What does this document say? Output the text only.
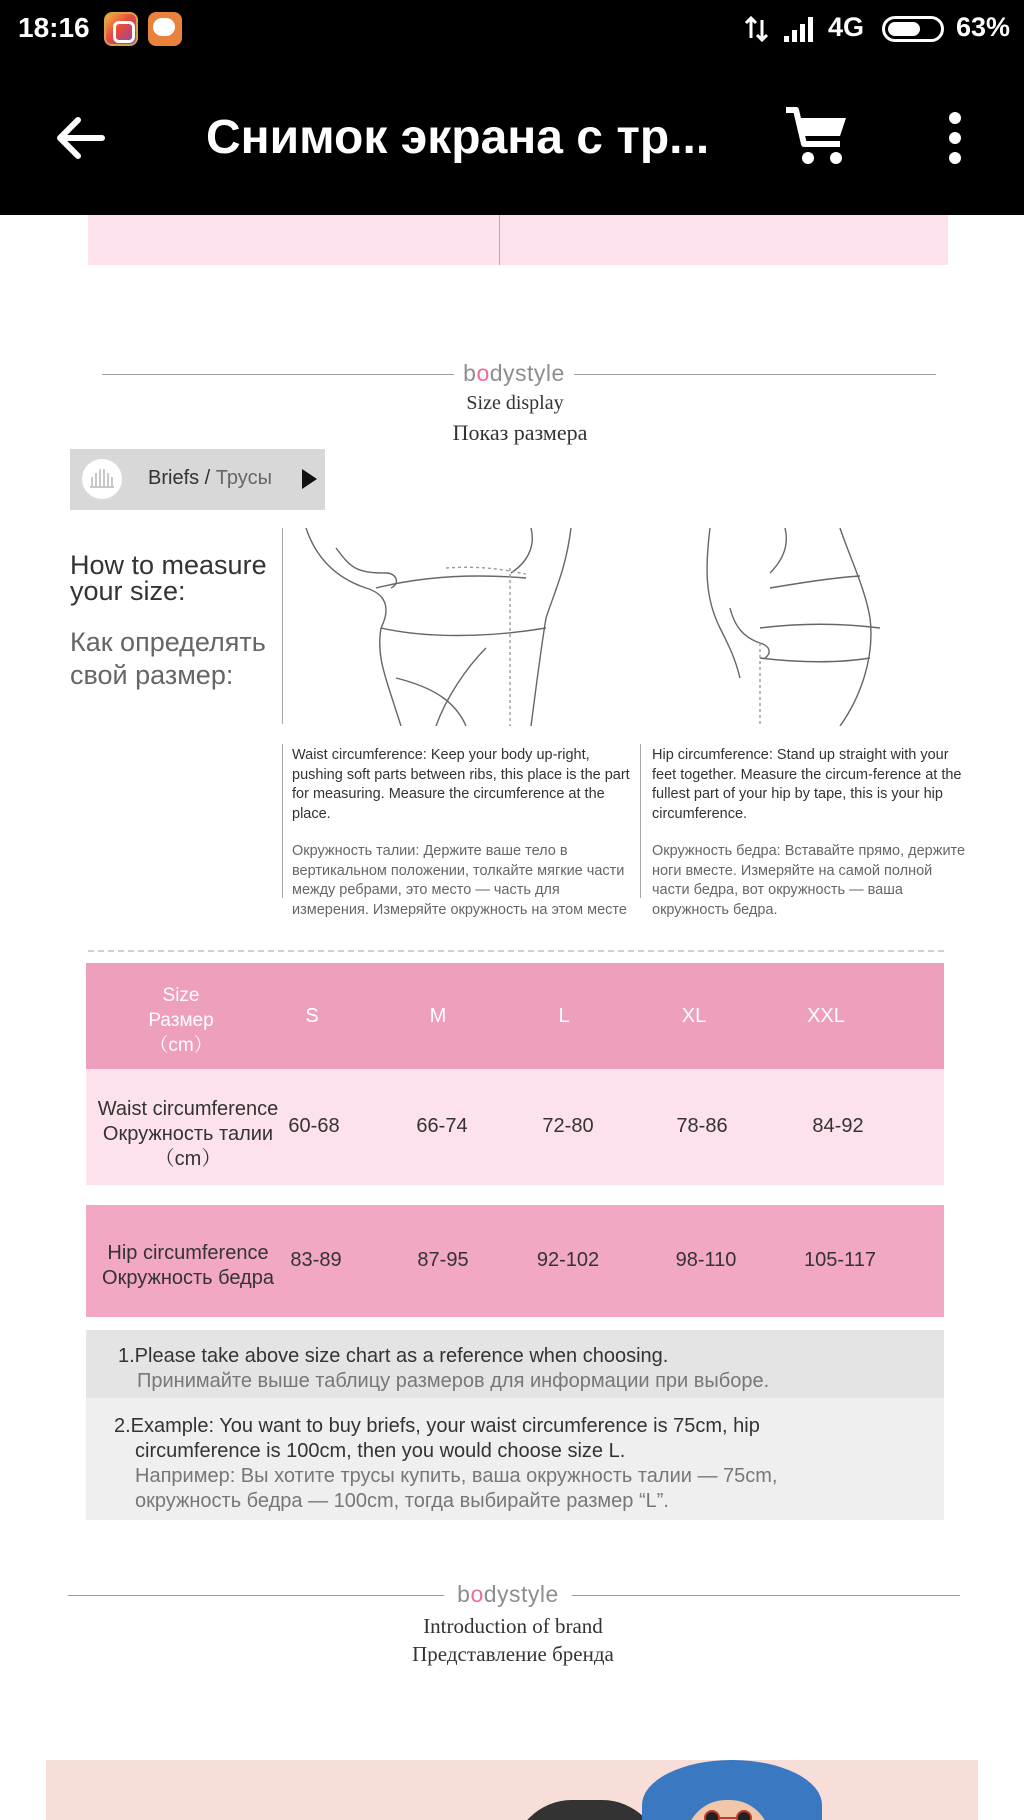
18:16	4G	63%
Снимок экрана с тр...
bodystyle
Size display
Показ размера
Briefs / Трусы
How to measure your size:
Как определять свой размер:
Waist circumference: Keep your body up-right, pushing soft parts between ribs, this place is the part for measuring. Measure the circumference at the place.
Окружность талии: Держите ваше тело в вертикальном положении, толкайте мягкие части между ребрами, это место — часть для измерения. Измеряйте окружность на этом месте
Hip circumference: Stand up straight with your feet together. Measure the circum-ference at the fullest part of your hip by tape, this is your hip circumference.
Окружность бедра: Вставайте прямо, держите ноги вместе. Измеряйте на самой полной части бедра, вот окружность — ваша окружность бедра.
Size
Размер
（cm）
S	M	L	XL	XXL
Waist circumference
Окружность талии
（cm）
60-68	66-74	72-80	78-86	84-92
Hip circumference
Окружность бедра
83-89	87-95	92-102	98-110	105-117
1.Please take above size chart as a reference when choosing.
Принимайте выше таблицу размеров для информации при выборе.
2.Example: You want to buy briefs, your waist circumference is 75cm, hip
circumference is 100cm, then you would choose size L.
Например: Вы хотите трусы купить, ваша окружность талии — 75cm,
окружность бедра — 100cm, тогда выбирайте размер “L”.
bodystyle
Introduction of brand
Представление бренда
